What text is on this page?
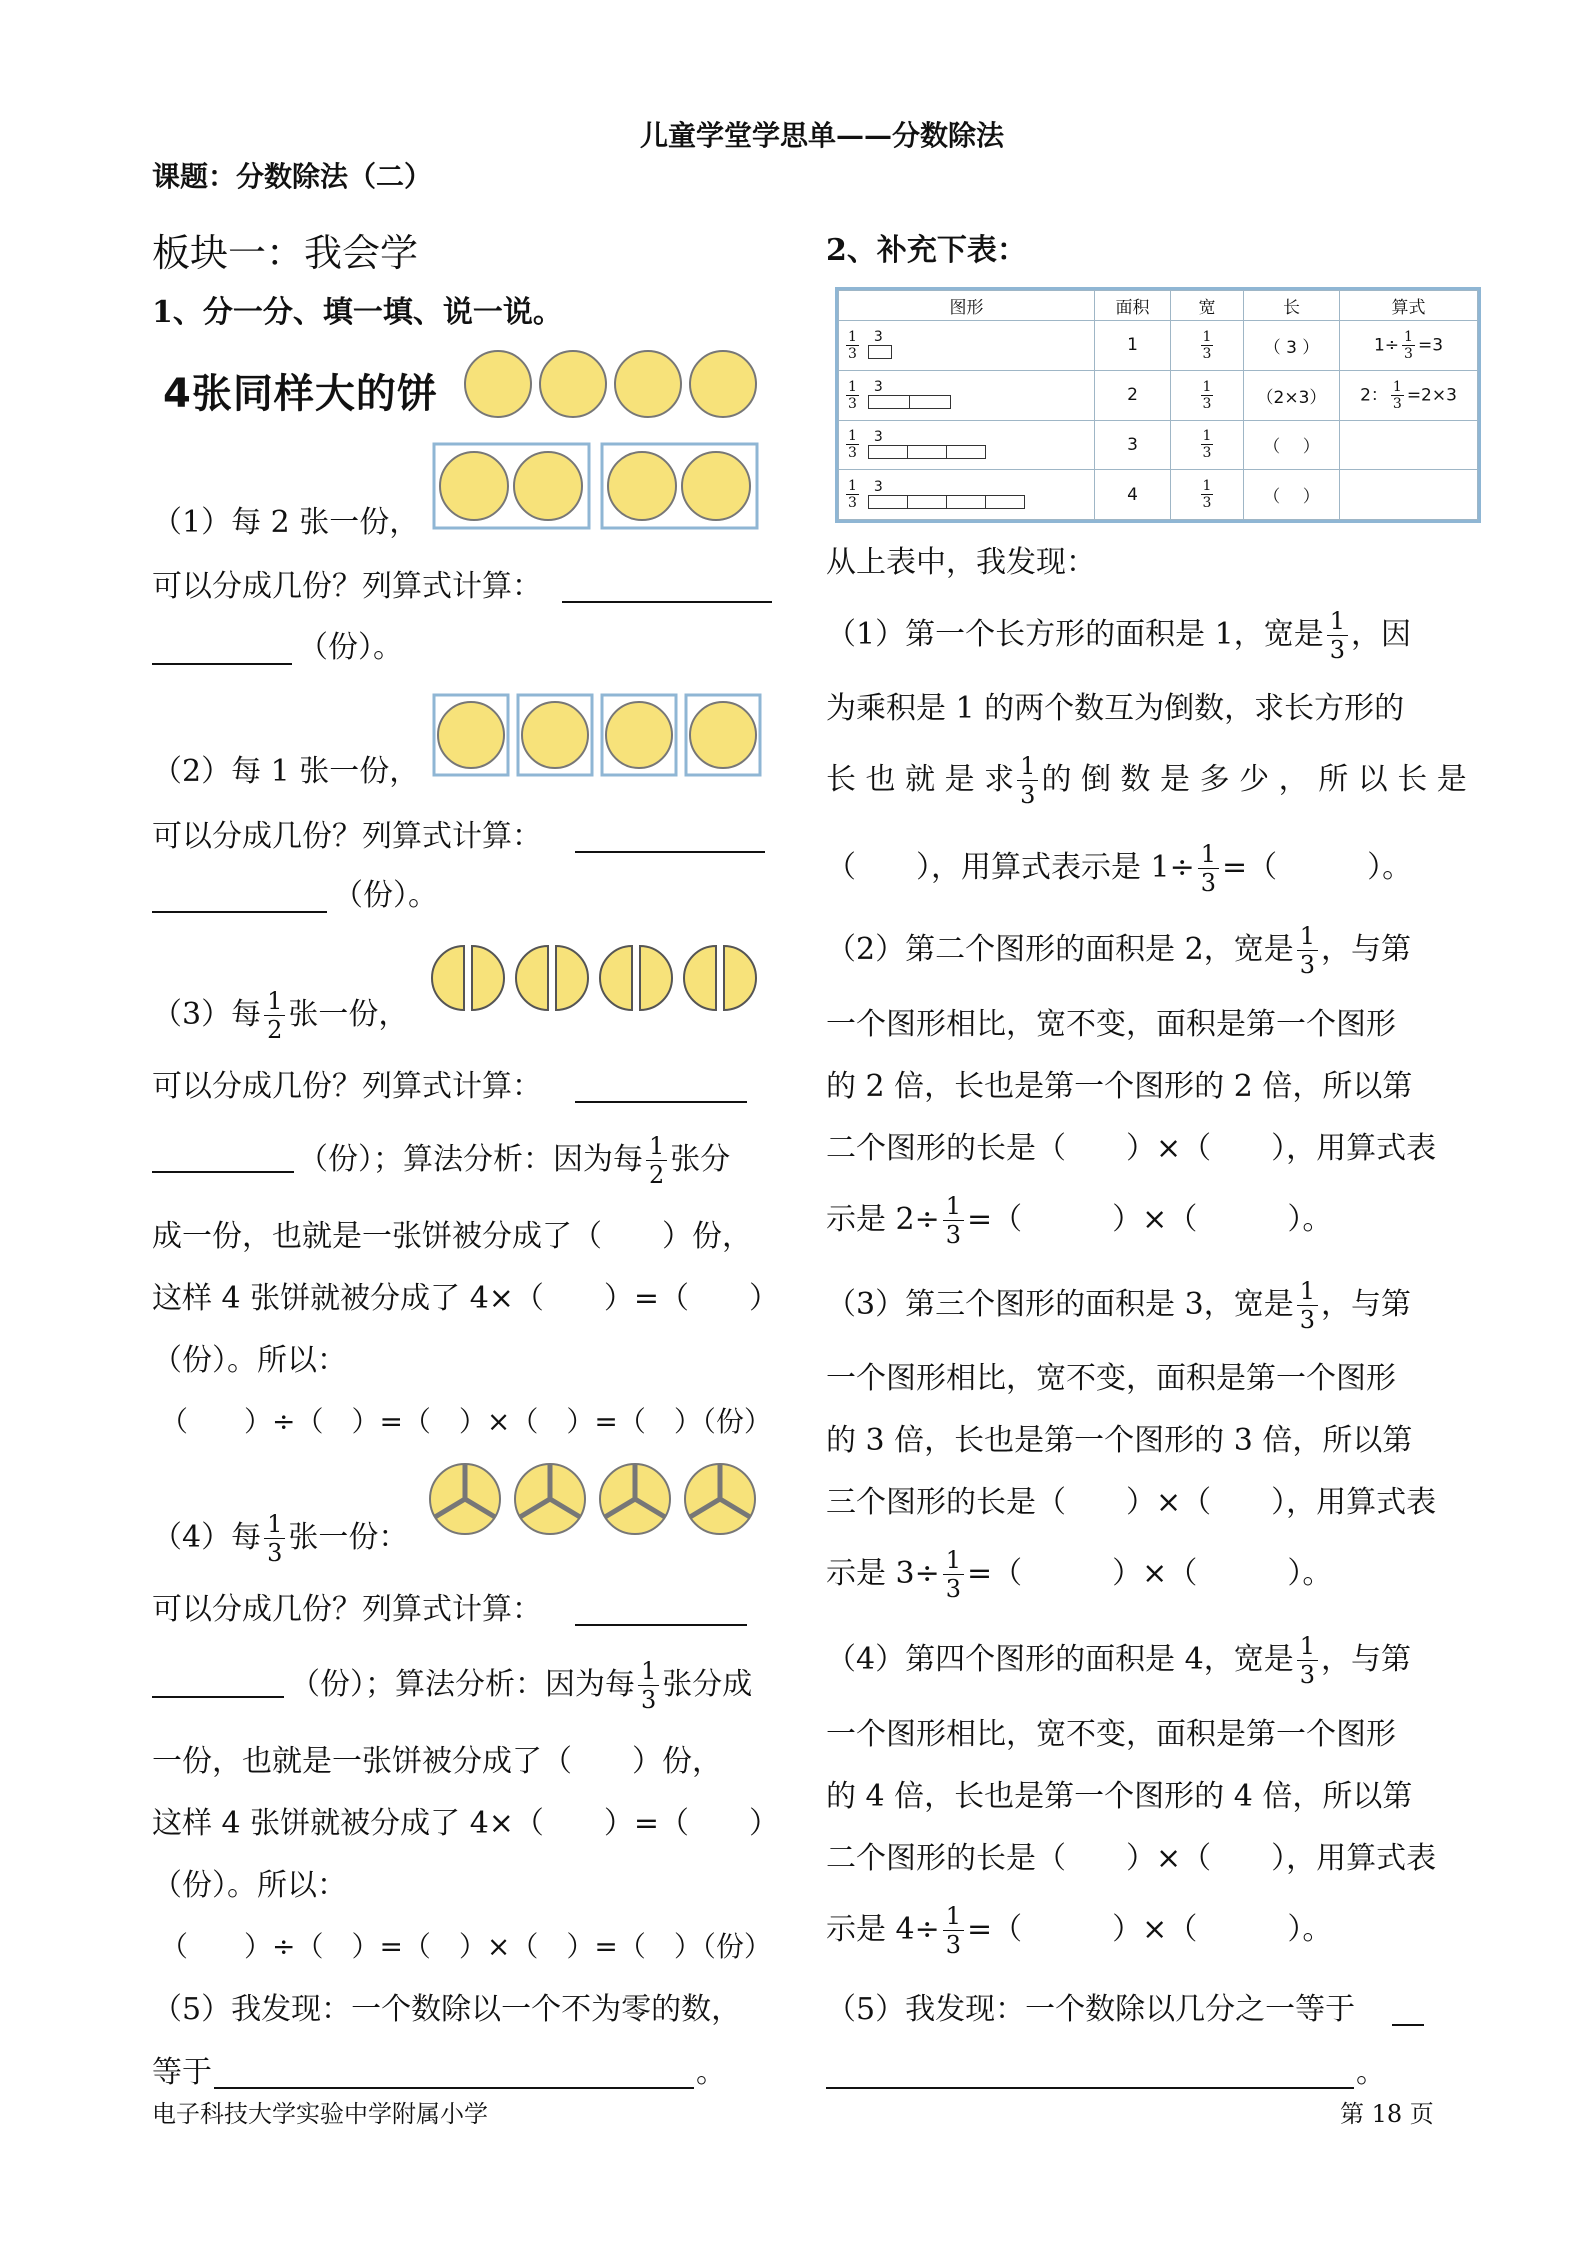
儿童学堂学思单——分数除法
课题：分数除法（二）
板块一：我会学
1、分一分、填一填、说一说。
4张同样大的饼
（1）每 2 张一份，
可以分成几份？列算式计算：
（份）。
（2）每 1 张一份，
可以分成几份？列算式计算：
（份）。
（3）每 $\frac{1}{2}$ 张一份，
可以分成几份？列算式计算：
（份）；算法分析：因为每 $\frac{1}{2}$ 张分
成一份，也就是一张饼被分成了（　　）份，
这样 4 张饼就被分成了 4×（　　）=（　　）
（份）。所以：
（　　）÷（　）=（　）×（　）=（　）（份）
（4）每 $\frac{1}{3}$ 张一份：
可以分成几份？列算式计算：
（份）；算法分析：因为每 $\frac{1}{3}$ 张分成
一份，也就是一张饼被分成了（　　）份，
这样 4 张饼就被分成了 4×（　　）=（　　）
（份）。所以：
（　　）÷（　）=（　）×（　）=（　）（份）
（5）我发现：一个数除以一个不为零的数，
等于	。
2、补充下表：
图形	面积	宽	长	算式

$\frac{1}{3} 3$	1	$\frac{1}{3}$	（ 3 ）	$1\div \frac{1}{3} =3$

$\frac{1}{3} 3$	2	$\frac{1}{3}$	（2×3）	2： $\frac{1}{3} =2\times 3$

$\frac{1}{3} 3$	3	$\frac{1}{3}$	（　 ）	

$\frac{1}{3} 3$	4	$\frac{1}{3}$	（　 ）	
从上表中，我发现：
（1）第一个长方形的面积是 1，宽是 $\frac{1}{3}$ ，因
为乘积是 1 的两个数互为倒数，求长方形的
长 也 就 是 求 $\frac{1}{3}$ 的 倒 数 是 多 少 ， 所 以 长 是
（　　），用算式表示是 $1\div \frac{1}{3}$ =（　　　）。
（2）第二个图形的面积是 2，宽是 $\frac{1}{3}$ ，与第
一个图形相比，宽不变，面积是第一个图形
的 2 倍，长也是第一个图形的 2 倍，所以第
二个图形的长是（　　）×（　　），用算式表
示是 $2\div \frac{1}{3}$ =（　　　）×（　　　）。
（3）第三个图形的面积是 3，宽是 $\frac{1}{3}$ ，与第
一个图形相比，宽不变，面积是第一个图形
的 3 倍，长也是第一个图形的 3 倍，所以第
三个图形的长是（　　）×（　　），用算式表
示是 $3\div \frac{1}{3}$ =（　　　）×（　　　）。
（4）第四个图形的面积是 4，宽是 $\frac{1}{3}$ ，与第
一个图形相比，宽不变，面积是第一个图形
的 4 倍，长也是第一个图形的 4 倍，所以第
二个图形的长是（　　）×（　　），用算式表
示是 $4\div \frac{1}{3}$ =（　　　）×（　　　）。
（5）我发现：一个数除以几分之一等于
。
电子科技大学实验中学附属小学	第 18 页
